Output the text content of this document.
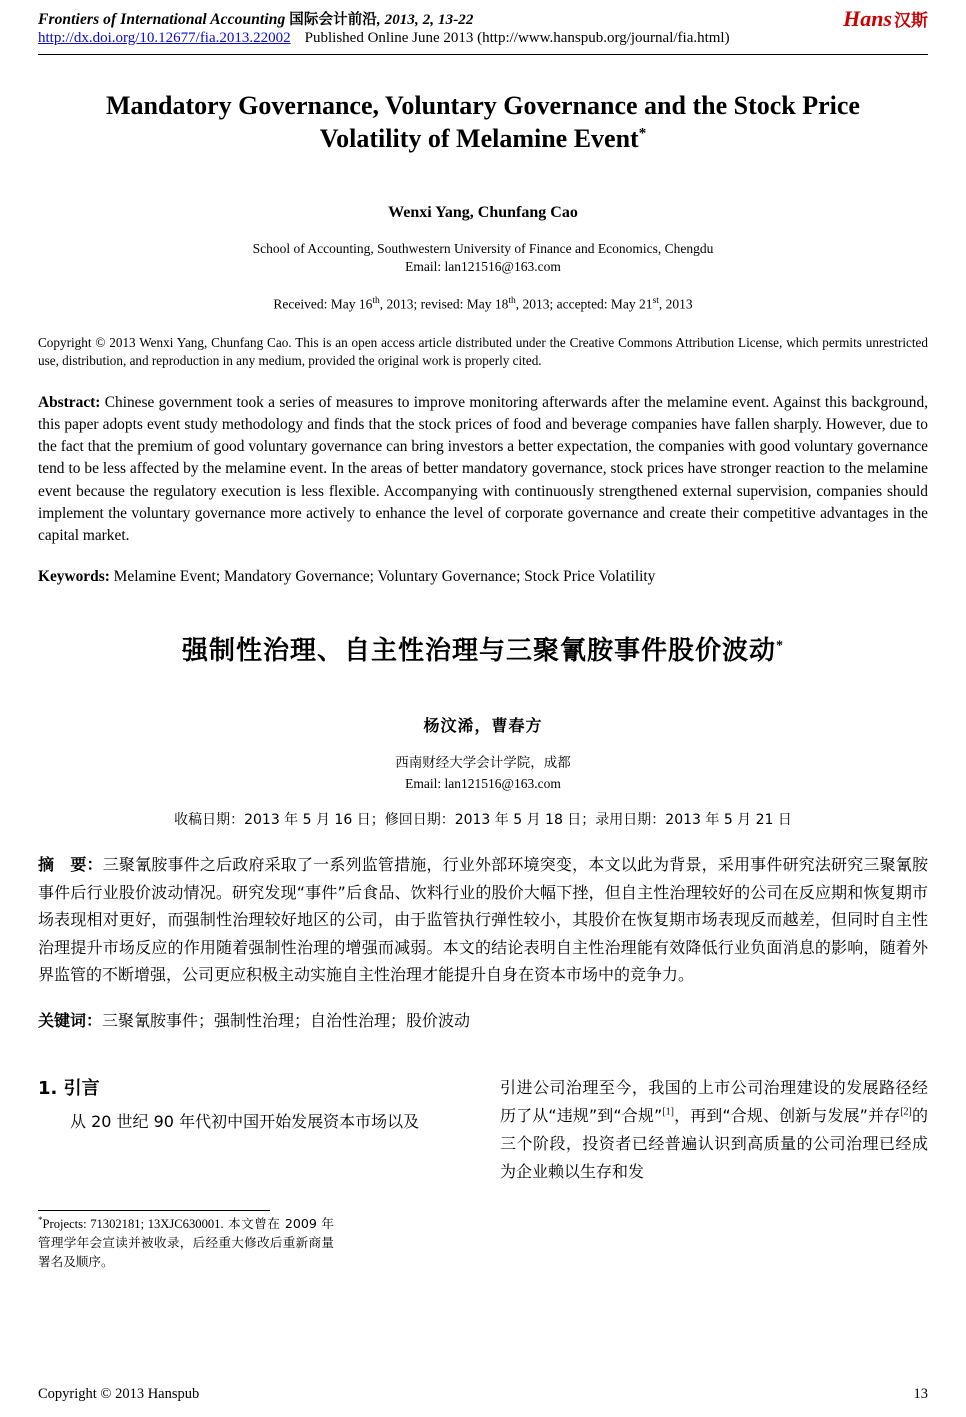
Frontiers of International Accounting 国际会计前沿, 2013, 2, 13-22
http://dx.doi.org/10.12677/fia.2013.22002 Published Online June 2013 (http://www.hanspub.org/journal/fia.html)
Hans 汉斯
Mandatory Governance, Voluntary Governance and the Stock Price Volatility of Melamine Event*
Wenxi Yang, Chunfang Cao
School of Accounting, Southwestern University of Finance and Economics, Chengdu
Email: lan121516@163.com
Received: May 16th, 2013; revised: May 18th, 2013; accepted: May 21st, 2013
Copyright © 2013 Wenxi Yang, Chunfang Cao. This is an open access article distributed under the Creative Commons Attribution License, which permits unrestricted use, distribution, and reproduction in any medium, provided the original work is properly cited.
Abstract: Chinese government took a series of measures to improve monitoring afterwards after the melamine event. Against this background, this paper adopts event study methodology and finds that the stock prices of food and beverage companies have fallen sharply. However, due to the fact that the premium of good voluntary governance can bring investors a better expectation, the companies with good voluntary governance tend to be less affected by the melamine event. In the areas of better mandatory governance, stock prices have stronger reaction to the melamine event because the regulatory execution is less flexible. Accompanying with continuously strengthened external supervision, companies should implement the voluntary governance more actively to enhance the level of corporate governance and create their competitive advantages in the capital market.
Keywords: Melamine Event; Mandatory Governance; Voluntary Governance; Stock Price Volatility
强制性治理、自主性治理与三聚氰胺事件股价波动*
杨汶浠，曹春方
西南财经大学会计学院，成都
Email: lan121516@163.com
收稿日期：2013 年 5 月 16 日；修回日期：2013 年 5 月 18 日；录用日期：2013 年 5 月 21 日
摘　要：三聚氰胺事件之后政府采取了一系列监管措施，行业外部环境突变，本文以此为背景，采用事件研究法研究三聚氰胺事件后行业股价波动情况。研究发现“事件”后食品、饮料行业的股价大幅下挫，但自主性治理较好的公司在反应期和恢复期市场表现相对更好，而强制性治理较好地区的公司，由于监管执行弹性较小，其股价在恢复期市场表现反而越差，但同时自主性治理提升市场反应的作用随着强制性治理的增强而减弱。本文的结论表明自主性治理能有效降低行业负面消息的影响，随着外界监管的不断增强，公司更应积极主动实施自主性治理才能提升自身在资本市场中的竞争力。
关键词：三聚氰胺事件；强制性治理；自治性治理；股价波动
1. 引言
从 20 世纪 90 年代初中国开始发展资本市场以及
*Projects: 71302181; 13XJC630001. 本文曾在 2009 年管理学年会宣读并被收录，后经重大修改后重新商量署名及顺序。
引进公司治理至今，我国的上市公司治理建设的发展路径经历了从“违规”到“合规”[1]，再到“合规、创新与发展”并存[2]的三个阶段，投资者已经普遍认识到高质量的公司治理已经成为企业赖以生存和发
Copyright © 2013 Hanspub	13
